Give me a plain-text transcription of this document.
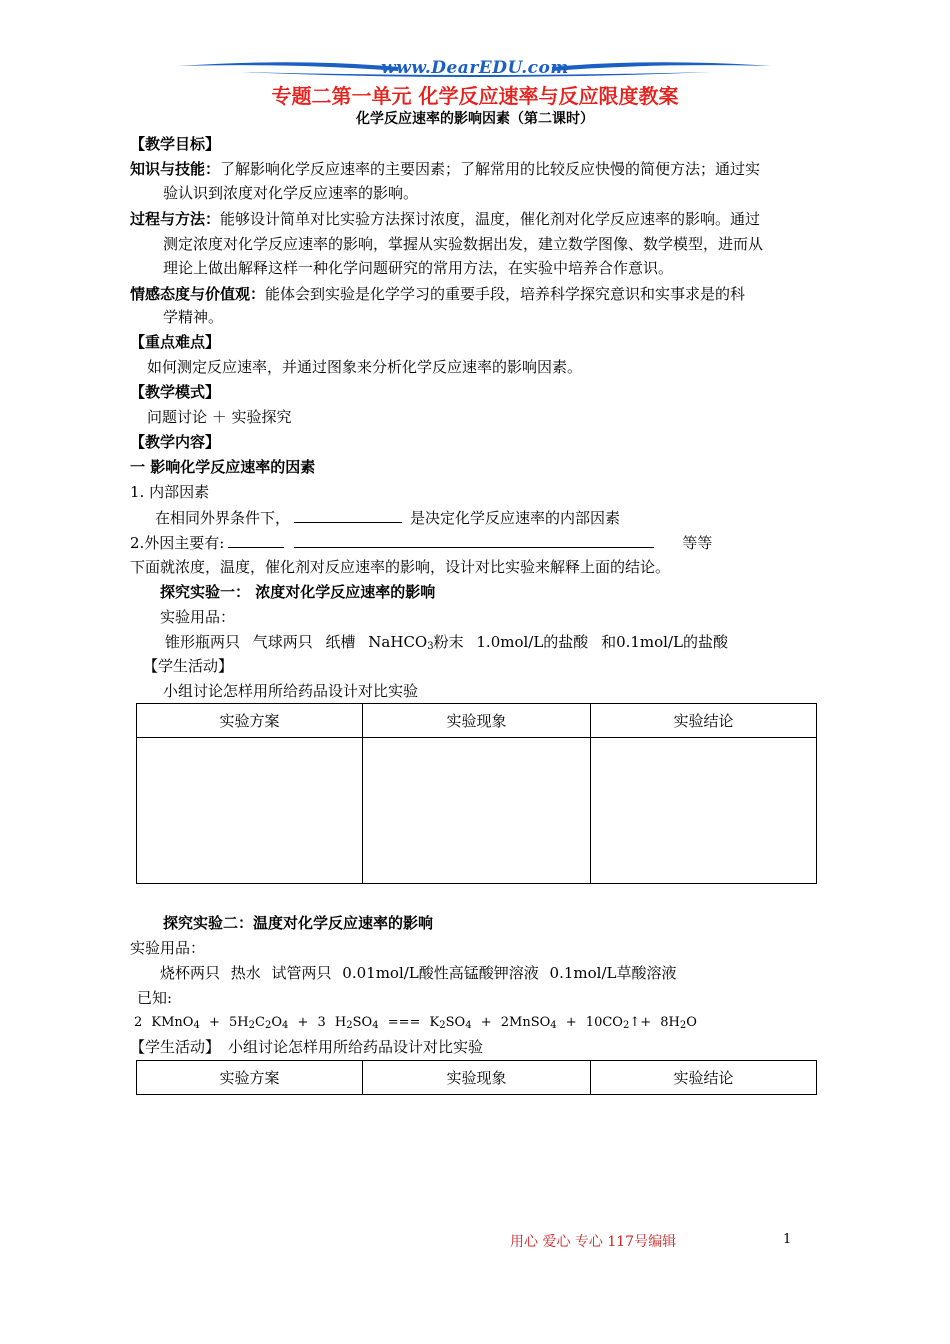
www.DearEDU.com
专题二第一单元 化学反应速率与反应限度教案
化学反应速率的影响因素（第二课时）
【教学目标】
知识与技能：了解影响化学反应速率的主要因素；了解常用的比较反应快慢的简便方法；通过实
验认识到浓度对化学反应速率的影响。
过程与方法：能够设计简单对比实验方法探讨浓度，温度，催化剂对化学反应速率的影响。通过
测定浓度对化学反应速率的影响，掌握从实验数据出发，建立数学图像、数学模型，进而从
理论上做出解释这样一种化学问题研究的常用方法，在实验中培养合作意识。
情感态度与价值观：能体会到实验是化学学习的重要手段，培养科学探究意识和实事求是的科
学精神。
【重点难点】
如何测定反应速率，并通过图象来分析化学反应速率的影响因素。
【教学模式】
问题讨论 ＋ 实验探究
【教学内容】
一 影响化学反应速率的因素
1. 内部因素
在相同外界条件下，	是决定化学反应速率的内部因素
2.外因主要有:	等等
下面就浓度，温度，催化剂对反应速率的影响，设计对比实验来解释上面的结论。
探究实验一： 浓度对化学反应速率的影响
实验用品：
锥形瓶两只 气球两只 纸槽 NaHCO$_3$粉末 1.0mol/L的盐酸 和0.1mol/L的盐酸
【学生活动】
小组讨论怎样用所给药品设计对比实验
实验方案	实验现象	实验结论

探究实验二：温度对化学反应速率的影响
实验用品：
烧杯两只 热水 试管两只 0.01mol/L酸性高锰酸钾溶液 0.1mol/L草酸溶液
已知:
2 KMnO$_4$ + $5H_2C_2O_4 + 3$ $H_2SO_4$ === $K_2SO_4$ + 2MnSO$_4$ + $10CO_2↑+ 8H_2O$
【学生活动】 小组讨论怎样用所给药品设计对比实验
实验方案	实验现象	实验结论
用心 爱心 专心 117号编辑	1
